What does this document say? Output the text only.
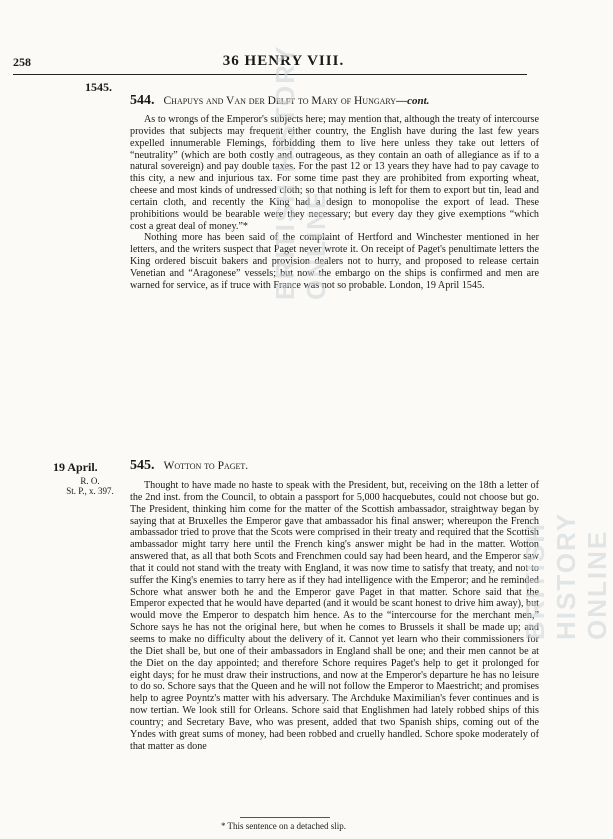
258	36 HENRY VIII.
1545.
544. Chapuys and Van der Delft to Mary of Hungary—cont.

As to wrongs of the Emperor's subjects here; may mention that, although the treaty of intercourse provides that subjects may frequent either country, the English have during the last few years expelled innumerable Flemings, forbidding them to live here unless they take out letters of “neutrality” (which are both costly and outrageous, as they contain an oath of allegiance as if to a natural sovereign) and pay double taxes. For the past 12 or 13 years they have had to pay cavage to this city, a new and injurious tax. For some time past they are prohibited from exporting wheat, cheese and most kinds of undressed cloth; so that nothing is left for them to export but tin, lead and certain cloth, and recently the King had a design to monopolise the export of lead. These prohibitions would be bearable were they necessary; but every day they give exemptions “which cost a great deal of money.”*

Nothing more has been said of the complaint of Hertford and Winchester mentioned in her letters, and the writers suspect that Paget never wrote it. On receipt of Paget's penultimate letters the King ordered biscuit bakers and provision dealers not to hurry, and proposed to release certain Venetian and “Aragonese” vessels; but now the embargo on the ships is confirmed and men are warned for service, as if truce with France was not so probable. London, 19 April 1545.

19 April.
R. O.
St. P., x. 397.
545. Wotton to Paget.

Thought to have made no haste to speak with the President, but, receiving on the 18th a letter of the 2nd inst. from the Council, to obtain a passport for 5,000 hacquebutes, could not choose but go. The President, thinking him come for the matter of the Scottish ambassador, straightway began by saying that at Bruxelles the Emperor gave that ambassador his final answer; whereupon the French ambassador tried to prove that the Scots were comprised in their treaty and required that the Scottish ambassador might tarry here until the French king's answer might be had in the matter. Wotton answered that, as all that both Scots and Frenchmen could say had been heard, and the Emperor saw that it could not stand with the treaty with England, it was now time to satisfy that treaty, and not to suffer the King's enemies to tarry here as if they had intelligence with the Emperor; and he reminded Schore what answer both he and the Emperor gave Paget in that matter. Schore said that the Emperor expected that he would have departed (and it would be scant honest to drive him away), but would move the Emperor to despatch him hence. As to the “intercourse for the merchant men,” Schore says he has not the original here, but when he comes to Brussels it shall be made up; and seems to make no difficulty about the delivery of it. Cannot yet learn who their commissioners for the Diet shall be, but one of their ambassadors in England shall be one; and their men cannot be at the Diet on the day appointed; and therefore Schore requires Paget's help to get it prolonged for eight days; for he must draw their instructions, and now at the Emperor's departure he has no leisure to do so. Schore says that the Queen and he will not follow the Emperor to Maestricht; and promises help to agree Poyntz's matter with his adversary. The Archduke Maximilian's fever continues and is now tertian. We look still for Orleans. Schore said that Englishmen had lately robbed ships of this country; and Secretary Bave, who was present, added that two Spanish ships, coming out of the Yndes with great sums of money, had been robbed and cruelly handled. Schore spoke moderately of that matter as done

* This sentence on a detached slip.
BRITISH HISTORY ONLINE
BRITISH HISTORY ONLINE
